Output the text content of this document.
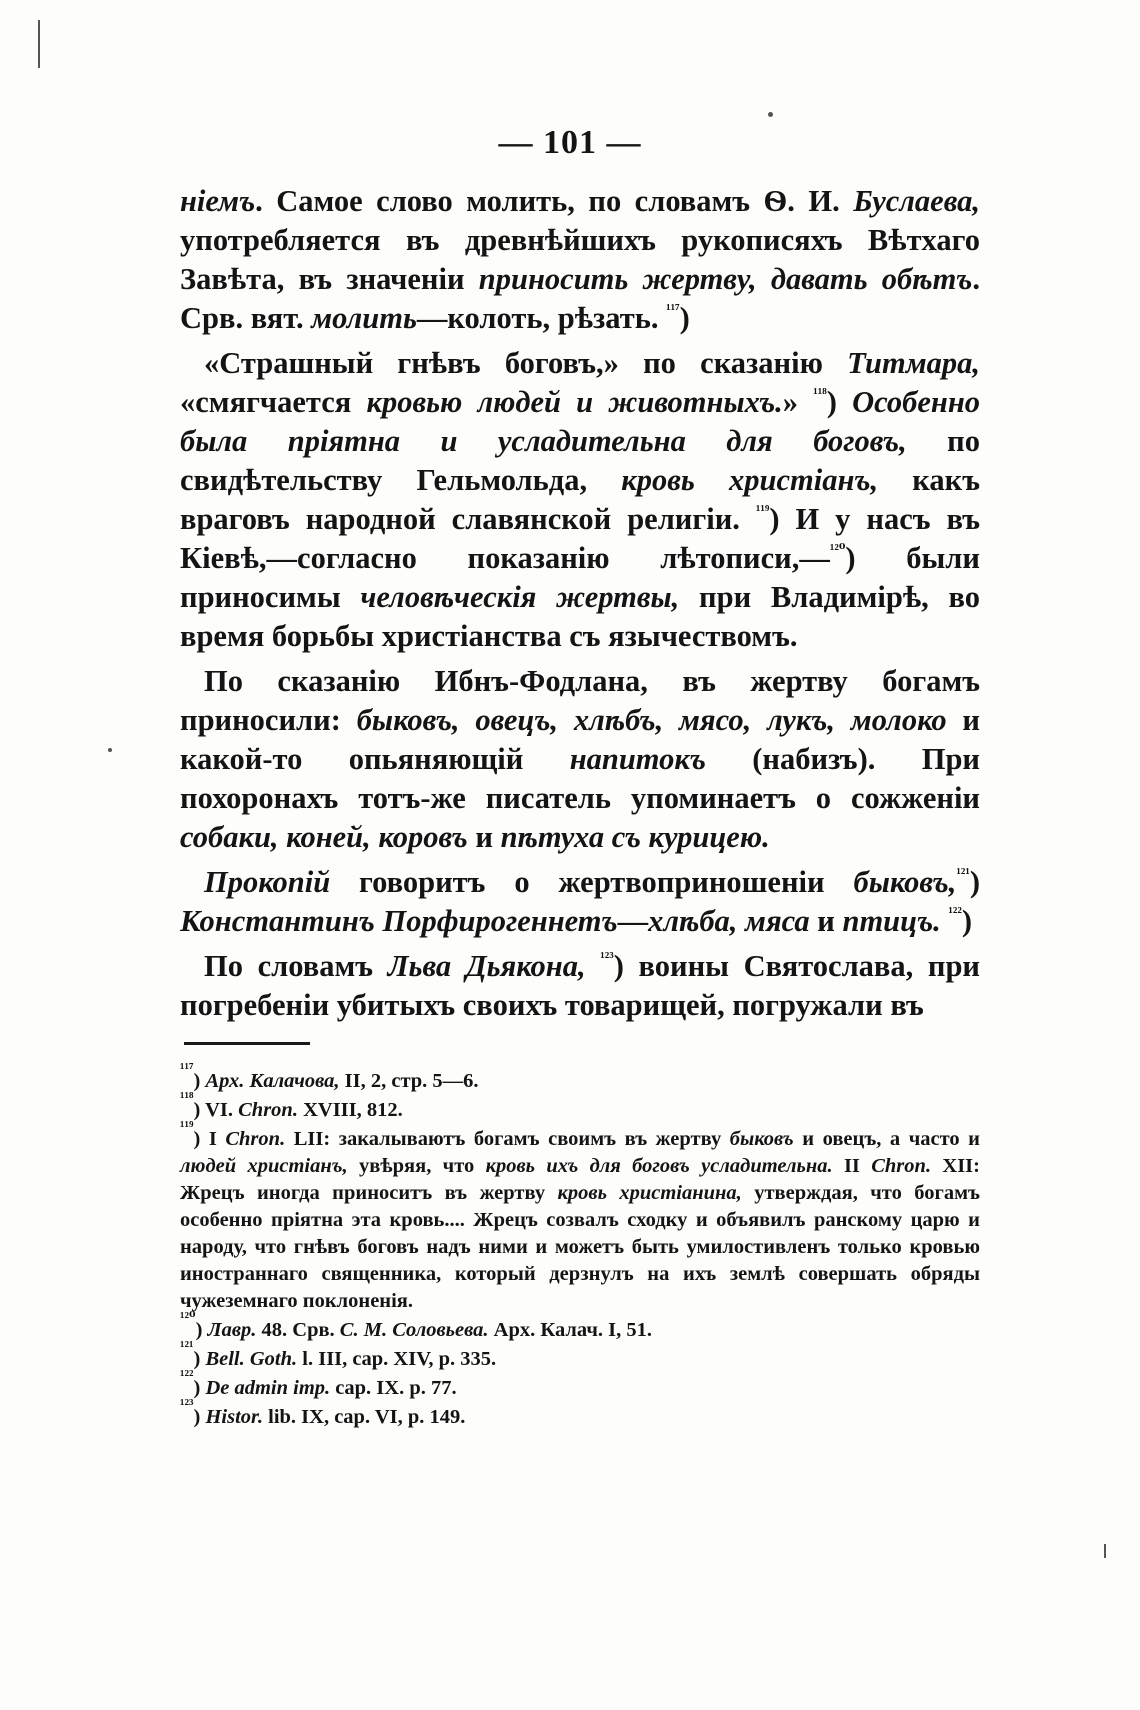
— 101 —

нiемъ. Самое слово молить, по словамъ Ѳ. И. Буслаева, употребляется въ древнѣйшихъ рукописяхъ Вѣтхаго Завѣта, въ значенiи приносить жертву, давать обѣтъ. Срв. вят. молить—колоть, рѣзать. $^{^{117}}$)

«Страшный гнѣвъ боговъ,» по сказанiю Титмара, «смягчается кровью людей и животныхъ.» $^{^{118}}$) Особенно была прiятна и усладительна для боговъ, по свидѣтельству Гельмольда, кровь христiанъ, какъ враговъ народной славянской религiи. $^{^{119}}$) И у насъ въ Кiевѣ,—согласно показанiю лѣтописи,—$^{^{120}}$) были приносимы человѣческiя жертвы, при Владимiрѣ, во время борьбы христiанства съ язычествомъ.

По сказанiю Ибнъ-Фодлана, въ жертву богамъ приносили: быковъ, овецъ, хлѣбъ, мясо, лукъ, молоко и какой-то опьяняющiй напитокъ (набизъ). При похоронахъ тотъ-же писатель упоминаетъ о сожженiи собаки, коней, коровъ и пѣтуха съ курицею.

Прокопiй говоритъ о жертвоприношенiи быковъ,$^{^{121}}$) Константинъ Порфирогеннетъ—хлѣба, мяса и птицъ. $^{^{122}}$)

По словамъ Льва Дьякона, $^{^{123}}$) воины Святослава, при погребенiи убитыхъ своихъ товарищей, погружали въ

$^{^{117}}$) Арх. Калачова, II, 2, стр. 5—6.

$^{^{118}}$) VI. Chron. XVIII, 812.

$^{^{119}}$) I Chron. LII: закалываютъ богамъ своимъ въ жертву быковъ и овецъ, а часто и людей христiанъ, увѣряя, что кровь ихъ для боговъ усладительна. II Chron. XII: Жрецъ иногда приноситъ въ жертву кровь христiанина, утверждая, что богамъ особенно прiятна эта кровь.... Жрецъ созвалъ сходку и объявилъ ранскому царю и народу, что гнѣвъ боговъ надъ ними и можетъ быть умилостивленъ только кровью иностраннаго священника, который дерзнулъ на ихъ землѣ совершать обряды чужеземнаго поклоненiя.

$^{^{120}}$) Лавр. 48. Срв. С. М. Соловьева. Арх. Калач. I, 51.

$^{^{121}}$) Bell. Goth. l. III, cap. XIV, p. 335.

$^{^{122}}$) De admin imp. cap. IX. p. 77.

$^{^{123}}$) Histor. lib. IX, cap. VI, p. 149.
